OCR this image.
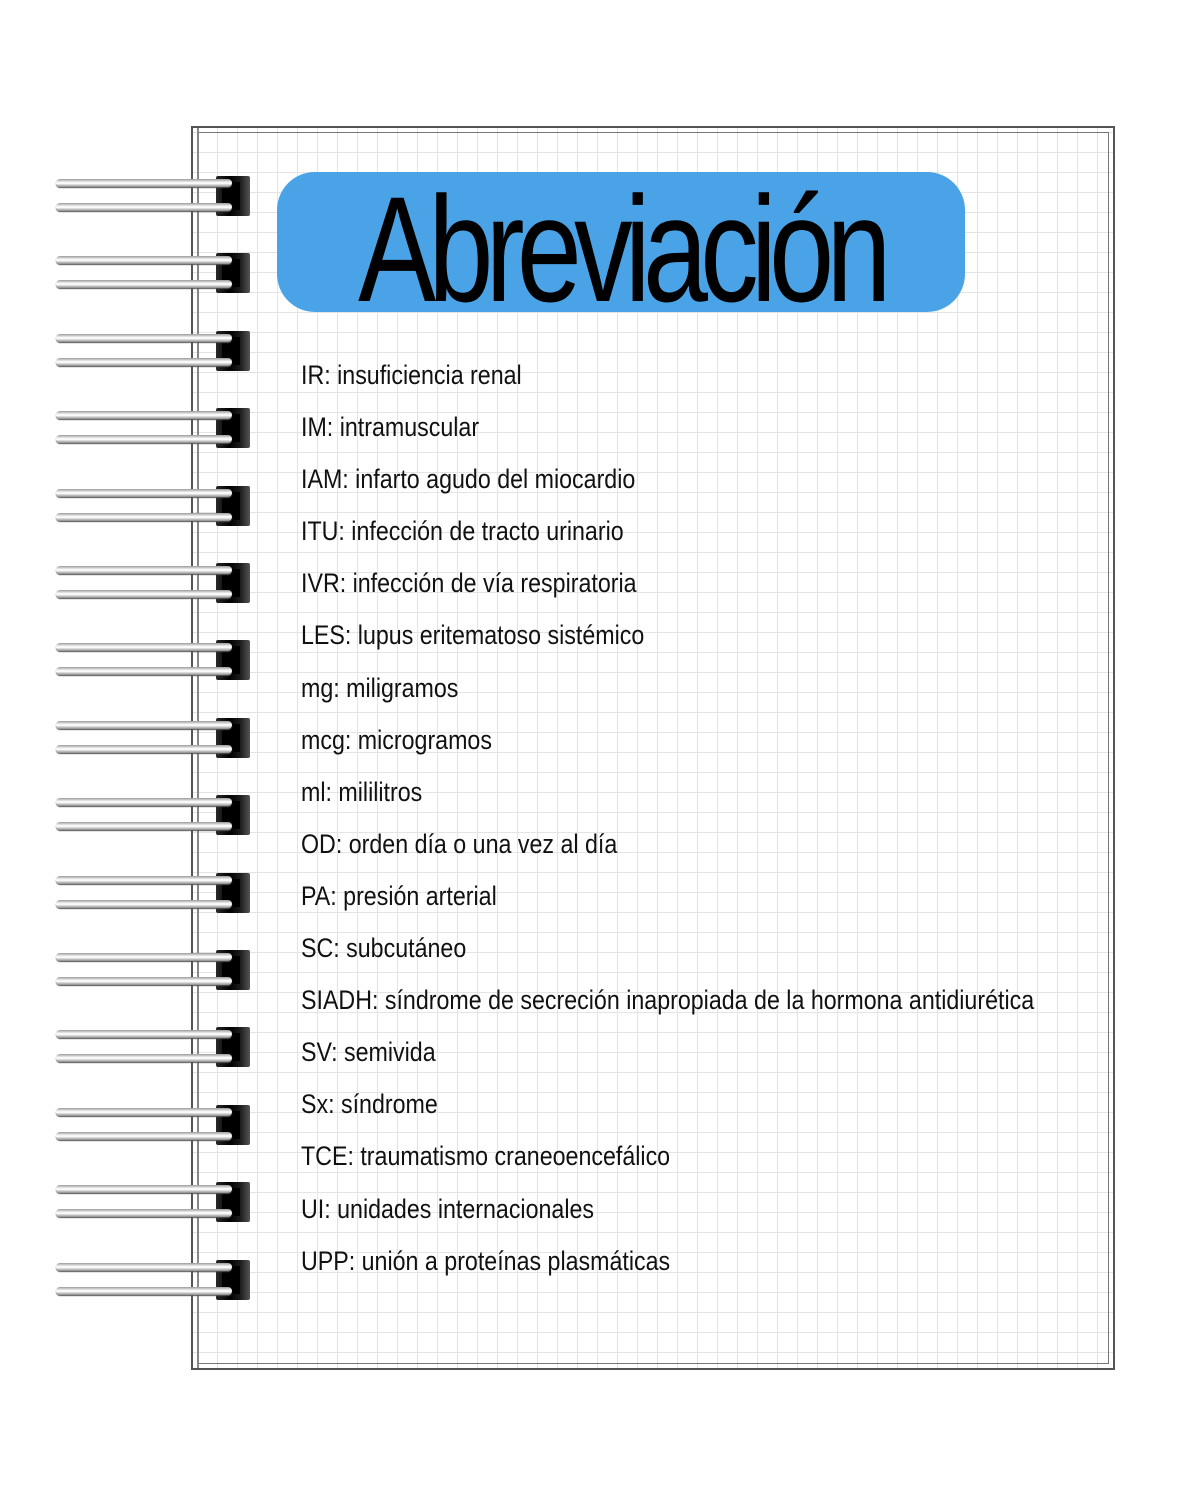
Abreviación
IR: insuficiencia renal
IM: intramuscular
IAM: infarto agudo del miocardio
ITU: infección de tracto urinario
IVR: infección de vía respiratoria
LES: lupus eritematoso sistémico
mg: miligramos
mcg: microgramos
ml: mililitros
OD: orden día o una vez al día
PA: presión arterial
SC: subcutáneo
SIADH: síndrome de secreción inapropiada de la hormona antidiurética
SV: semivida
Sx: síndrome
TCE: traumatismo craneoencefálico
UI: unidades internacionales
UPP: unión a proteínas plasmáticas
